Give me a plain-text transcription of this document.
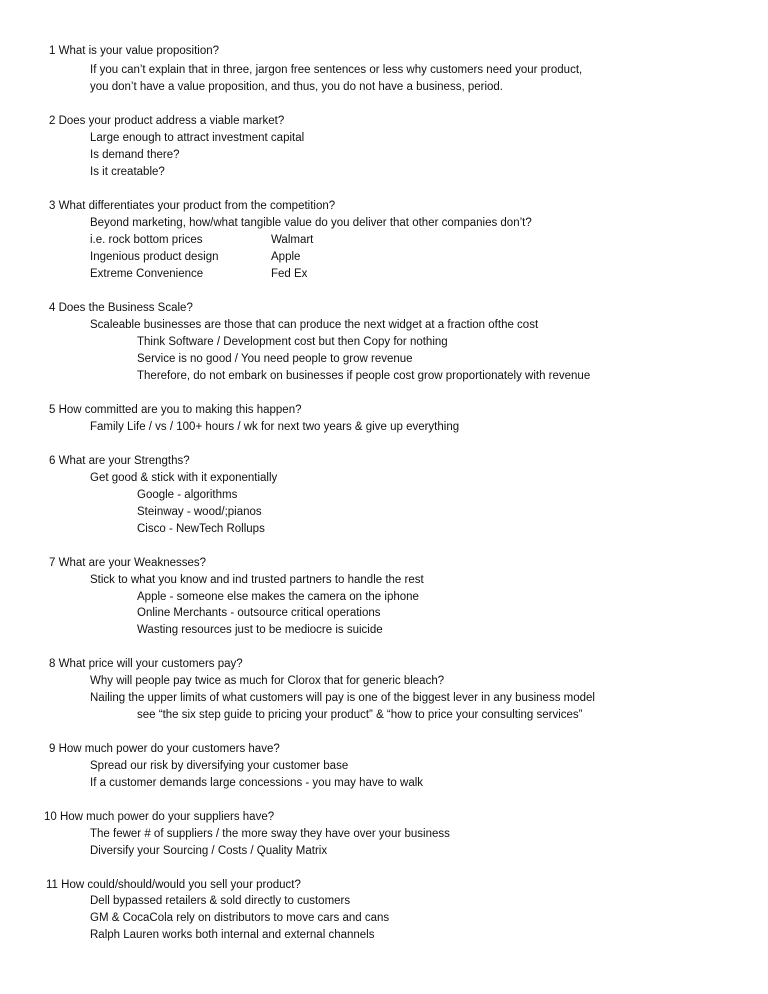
1 What is your value proposition?
If you can’t explain that in three, jargon free sentences or less why customers need your product,
you don’t have a value proposition, and thus, you do not have a business, period.
2 Does your product address a viable market?
Large enough to attract investment capital
Is demand there?
Is it creatable?
3 What differentiates your product from the competition?
Beyond marketing, how/what tangible value do you deliver that other companies don’t?
i.e. rock bottom prices	Walmart
Ingenious product design	Apple
Extreme Convenience	Fed Ex
4 Does the Business Scale?
Scaleable businesses are those that can produce the next widget at a fraction ofthe cost
Think Software / Development cost but then Copy for nothing
Service is no good / You need people to grow revenue
Therefore, do not embark on businesses if people cost grow proportionately with revenue
5 How committed are you to making this happen?
Family Life / vs / 100+ hours / wk for next two years & give up everything
6 What are your Strengths?
Get good & stick with it exponentially
Google - algorithms
Steinway - wood/;pianos
Cisco - NewTech Rollups
7 What are your Weaknesses?
Stick to what you know and ind trusted partners to handle the rest
Apple - someone else makes the camera on the iphone
Online Merchants - outsource critical operations
Wasting resources just to be mediocre is suicide
8 What price will your customers pay?
Why will people pay twice as much for Clorox that for generic bleach?
Nailing the upper limits of what customers will pay is one of the biggest lever in any business model
see “the six step guide to pricing your product” & “how to price your consulting services”
9 How much power do your customers have?
Spread our risk by diversifying your customer base
If a customer demands large concessions - you may have to walk
10 How much power do your suppliers have?
The fewer # of suppliers / the more sway they have over your business
Diversify your Sourcing / Costs / Quality Matrix
11 How could/should/would you sell your product?
Dell bypassed retailers & sold directly to customers
GM & CocaCola rely on distributors to move cars and cans
Ralph Lauren works both internal and external channels
